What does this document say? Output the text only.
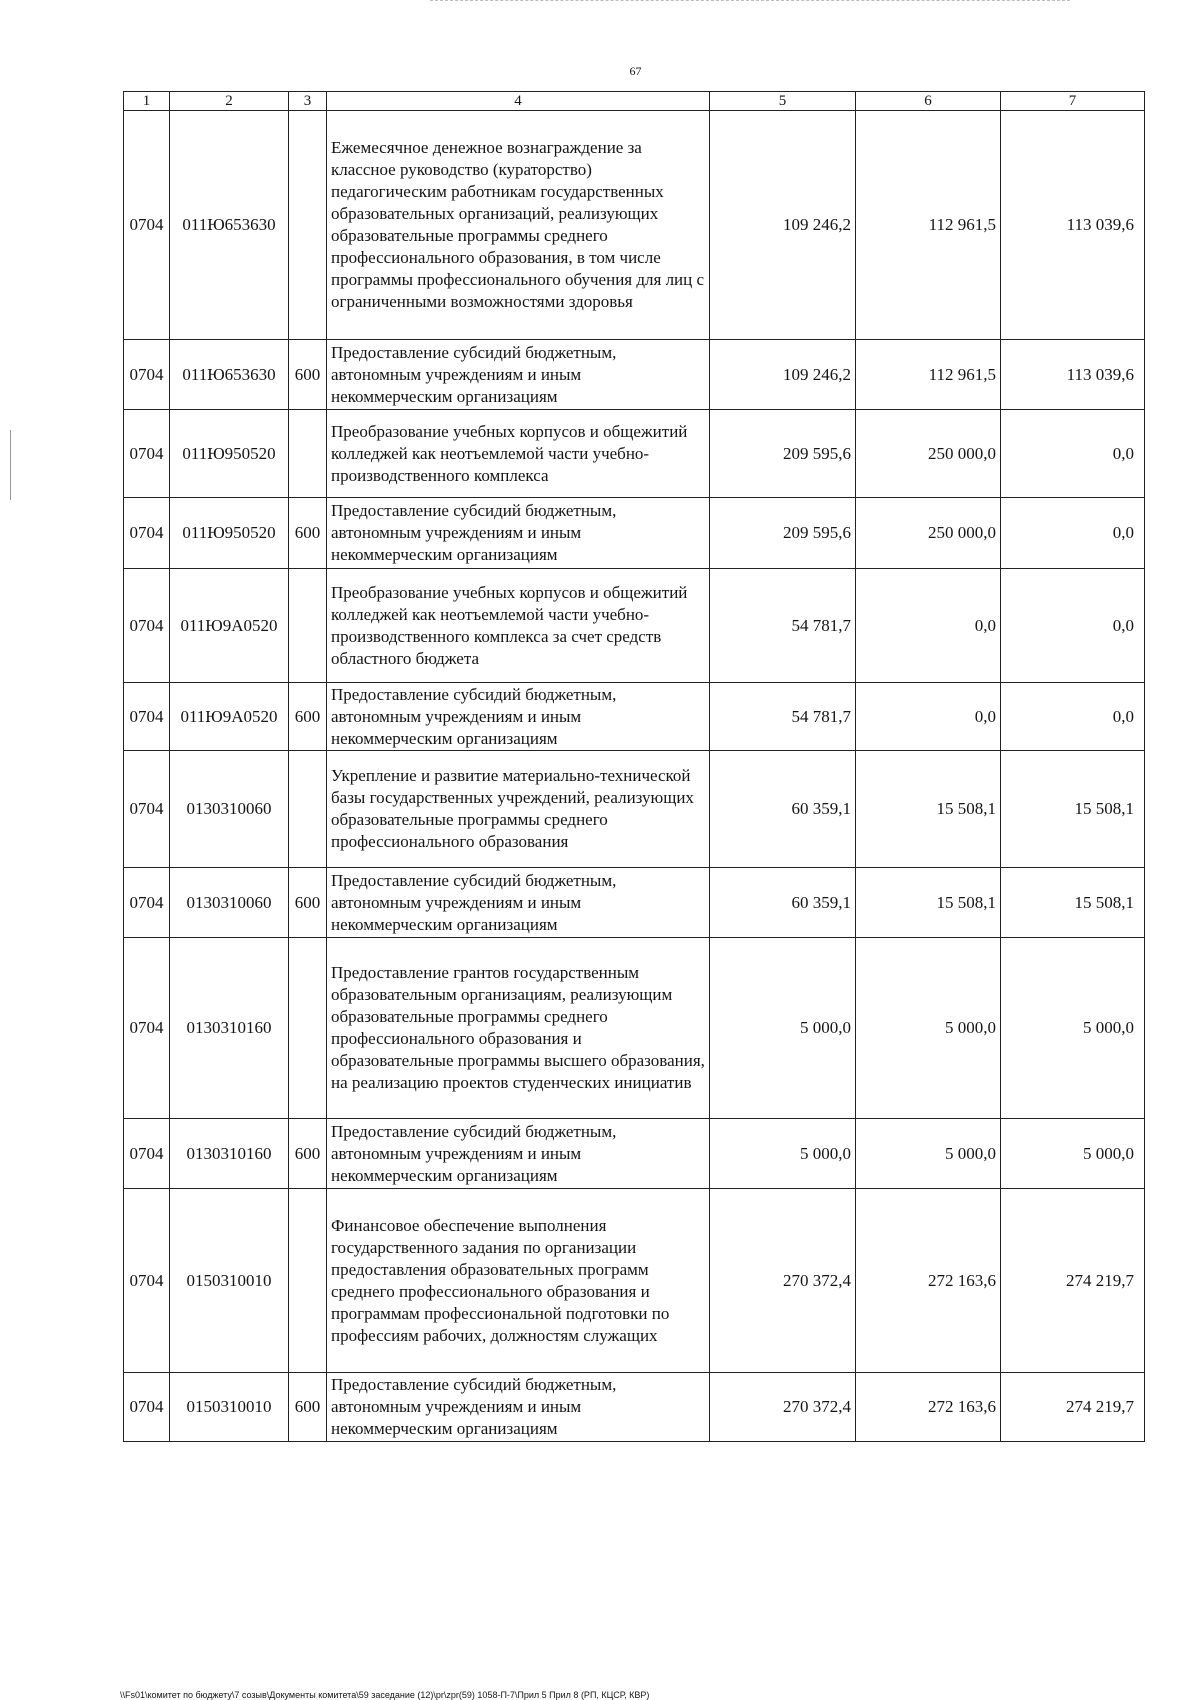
67
1	2	3	4	5	6	7
0704	011Ю653630		Ежемесячное денежное вознаграждение за классное руководство (кураторство) педагогическим работникам государственных образовательных организаций, реализующих образовательные программы среднего профессионального образования, в том числе программы профессионального обучения для лиц с ограниченными возможностями здоровья	109 246,2	112 961,5	113 039,6
0704	011Ю653630	600	Предоставление субсидий бюджетным, автономным учреждениям и иным некоммерческим организациям	109 246,2	112 961,5	113 039,6
0704	011Ю950520		Преобразование учебных корпусов и общежитий колледжей как неотъемлемой части учебно-производственного комплекса	209 595,6	250 000,0	0,0
0704	011Ю950520	600	Предоставление субсидий бюджетным, автономным учреждениям и иным некоммерческим организациям	209 595,6	250 000,0	0,0
0704	011Ю9А0520		Преобразование учебных корпусов и общежитий колледжей как неотъемлемой части учебно-производственного комплекса за счет средств областного бюджета	54 781,7	0,0	0,0
0704	011Ю9А0520	600	Предоставление субсидий бюджетным, автономным учреждениям и иным некоммерческим организациям	54 781,7	0,0	0,0
0704	0130310060		Укрепление и развитие материально-технической базы государственных учреждений, реализующих образовательные программы среднего профессионального образования	60 359,1	15 508,1	15 508,1
0704	0130310060	600	Предоставление субсидий бюджетным, автономным учреждениям и иным некоммерческим организациям	60 359,1	15 508,1	15 508,1
0704	0130310160		Предоставление грантов государственным образовательным организациям, реализующим образовательные программы среднего профессионального образования и образовательные программы высшего образования, на реализацию проектов студенческих инициатив	5 000,0	5 000,0	5 000,0
0704	0130310160	600	Предоставление субсидий бюджетным, автономным учреждениям и иным некоммерческим организациям	5 000,0	5 000,0	5 000,0
0704	0150310010		Финансовое обеспечение выполнения государственного задания по организации предоставления образовательных программ среднего профессионального образования и программам профессиональной подготовки по профессиям рабочих, должностям служащих	270 372,4	272 163,6	274 219,7
0704	0150310010	600	Предоставление субсидий бюджетным, автономным учреждениям и иным некоммерческим организациям	270 372,4	272 163,6	274 219,7
\\Fs01\комитет по бюджету\7 созыв\Документы комитета\59 заседание (12)\pr\zpr(59) 1058-П-7\Прил 5 Прил 8 (РП, КЦСР, КВР)
